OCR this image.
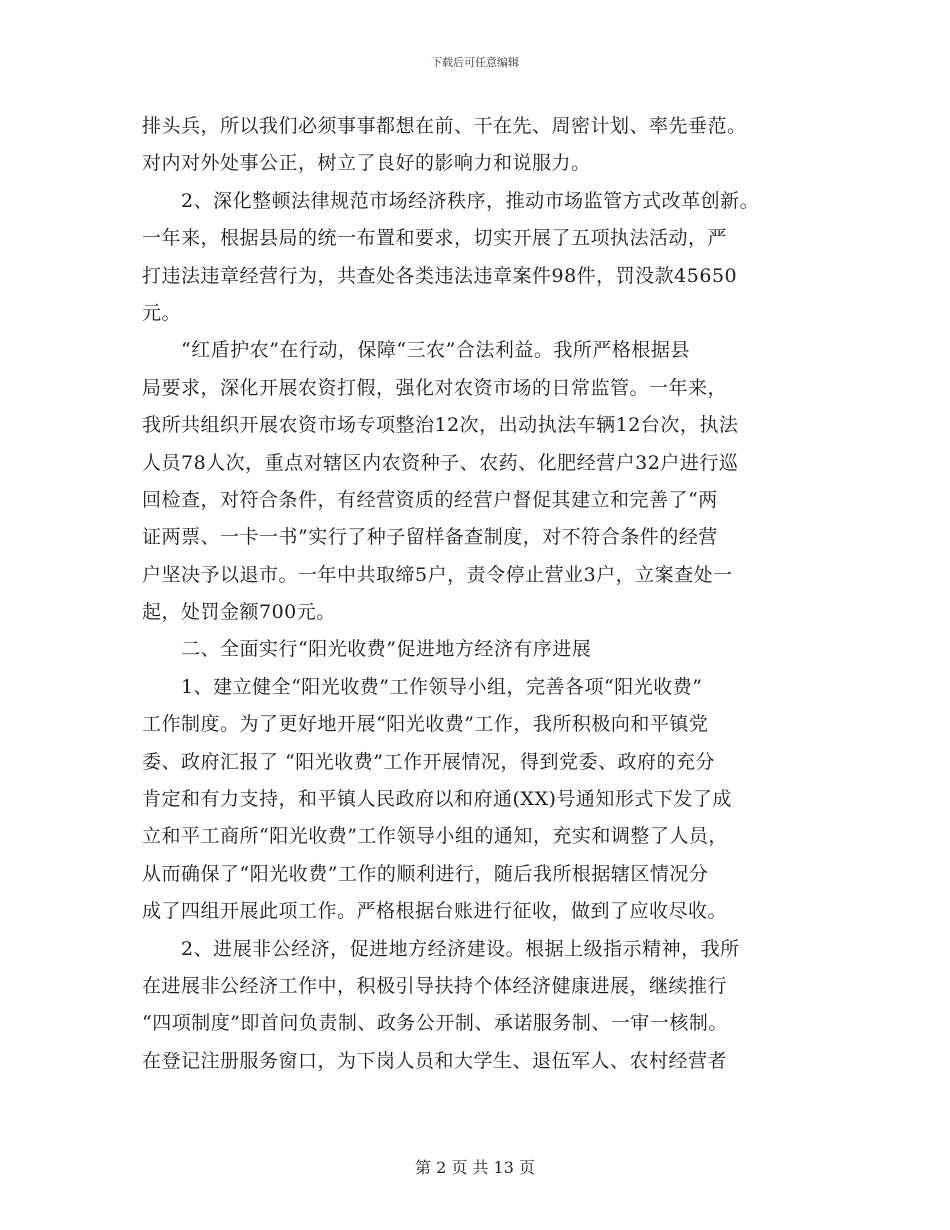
下载后可任意编辑
排头兵，所以我们必须事事都想在前、干在先、周密计划、率先垂范。
对内对外处事公正，树立了良好的影响力和说服力。
　　2、深化整顿法律规范市场经济秩序，推动市场监管方式改革创新。
一年来，根据县局的统一布置和要求，切实开展了五项执法活动，严
打违法违章经营行为，共查处各类违法违章案件98件，罚没款45650
元。
　　“红盾护农”在行动，保障“三农”合法利益。我所严格根据县
局要求，深化开展农资打假，强化对农资市场的日常监管。一年来，
我所共组织开展农资市场专项整治12次，出动执法车辆12台次，执法
人员78人次，重点对辖区内农资种子、农药、化肥经营户32户进行巡
回检查，对符合条件，有经营资质的经营户督促其建立和完善了“两
证两票、一卡一书”实行了种子留样备查制度，对不符合条件的经营
户坚决予以退市。一年中共取缔5户，责令停止营业3户，立案查处一
起，处罚金额700元。
　　二、全面实行“阳光收费”促进地方经济有序进展
　　1、建立健全“阳光收费”工作领导小组，完善各项“阳光收费”
工作制度。为了更好地开展“阳光收费”工作，我所积极向和平镇党
委、政府汇报了 “阳光收费”工作开展情况，得到党委、政府的充分
肯定和有力支持，和平镇人民政府以和府通(XX)号通知形式下发了成
立和平工商所“阳光收费”工作领导小组的通知，充实和调整了人员，
从而确保了“阳光收费”工作的顺利进行，随后我所根据辖区情况分
成了四组开展此项工作。严格根据台账进行征收，做到了应收尽收。
　　2、进展非公经济，促进地方经济建设。根据上级指示精神，我所
在进展非公经济工作中，积极引导扶持个体经济健康进展，继续推行
“四项制度”即首问负责制、政务公开制、承诺服务制、一审一核制。
在登记注册服务窗口，为下岗人员和大学生、退伍军人、农村经营者
第 2 页 共 13 页
